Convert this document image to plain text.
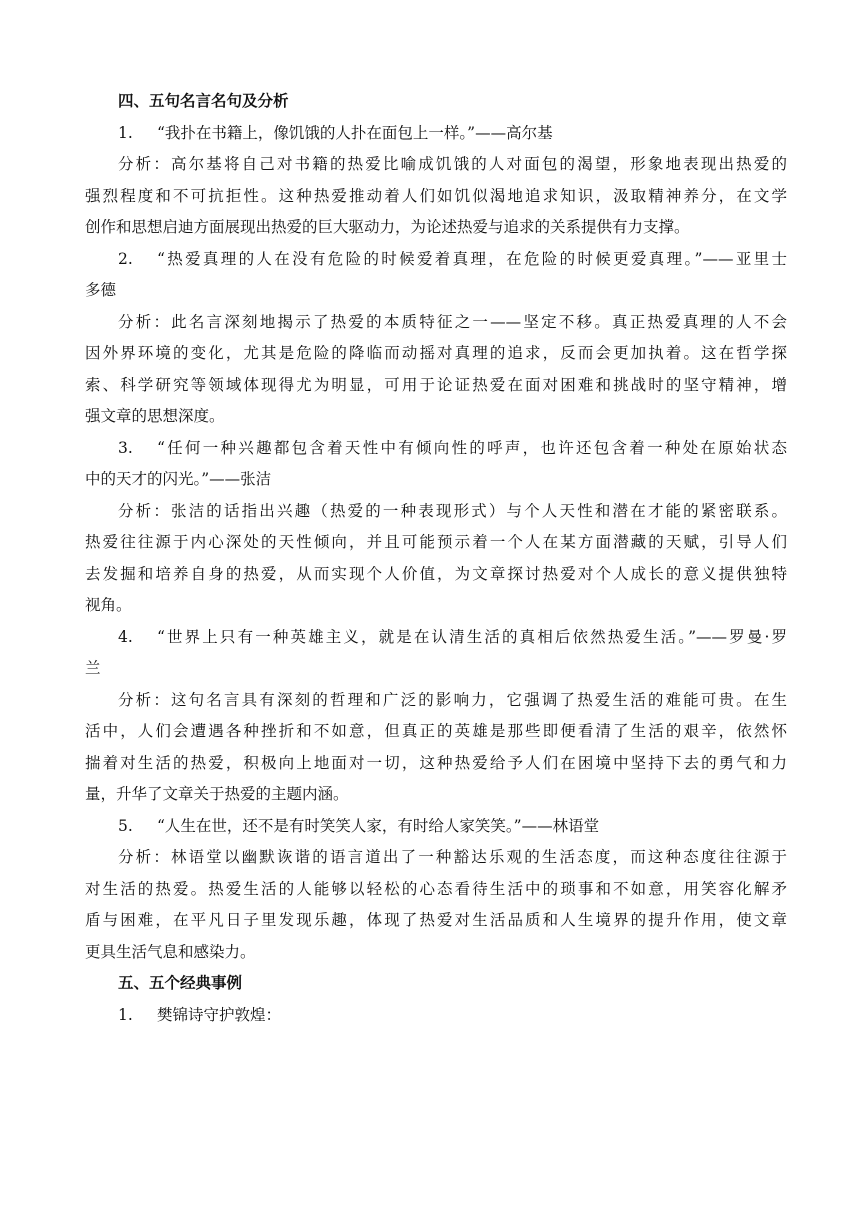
四、五句名言名句及分析
1. “我扑在书籍上，像饥饿的人扑在面包上一样。”——高尔基
分析：高尔基将自己对书籍的热爱比喻成饥饿的人对面包的渴望，形象地表现出热爱的
强烈程度和不可抗拒性。这种热爱推动着人们如饥似渴地追求知识，汲取精神养分，在文学
创作和思想启迪方面展现出热爱的巨大驱动力，为论述热爱与追求的关系提供有力支撑。
2. “热爱真理的人在没有危险的时候爱着真理，在危险的时候更爱真理。”——亚里士
多德
分析：此名言深刻地揭示了热爱的本质特征之一——坚定不移。真正热爱真理的人不会
因外界环境的变化，尤其是危险的降临而动摇对真理的追求，反而会更加执着。这在哲学探
索、科学研究等领域体现得尤为明显，可用于论证热爱在面对困难和挑战时的坚守精神，增
强文章的思想深度。
3. “任何一种兴趣都包含着天性中有倾向性的呼声，也许还包含着一种处在原始状态
中的天才的闪光。”——张洁
分析：张洁的话指出兴趣（热爱的一种表现形式）与个人天性和潜在才能的紧密联系。
热爱往往源于内心深处的天性倾向，并且可能预示着一个人在某方面潜藏的天赋，引导人们
去发掘和培养自身的热爱，从而实现个人价值，为文章探讨热爱对个人成长的意义提供独特
视角。
4. “世界上只有一种英雄主义，就是在认清生活的真相后依然热爱生活。”——罗曼·罗
兰
分析：这句名言具有深刻的哲理和广泛的影响力，它强调了热爱生活的难能可贵。在生
活中，人们会遭遇各种挫折和不如意，但真正的英雄是那些即便看清了生活的艰辛，依然怀
揣着对生活的热爱，积极向上地面对一切，这种热爱给予人们在困境中坚持下去的勇气和力
量，升华了文章关于热爱的主题内涵。
5. “人生在世，还不是有时笑笑人家，有时给人家笑笑。”——林语堂
分析：林语堂以幽默诙谐的语言道出了一种豁达乐观的生活态度，而这种态度往往源于
对生活的热爱。热爱生活的人能够以轻松的心态看待生活中的琐事和不如意，用笑容化解矛
盾与困难，在平凡日子里发现乐趣，体现了热爱对生活品质和人生境界的提升作用，使文章
更具生活气息和感染力。
五、五个经典事例
1. 樊锦诗守护敦煌：
